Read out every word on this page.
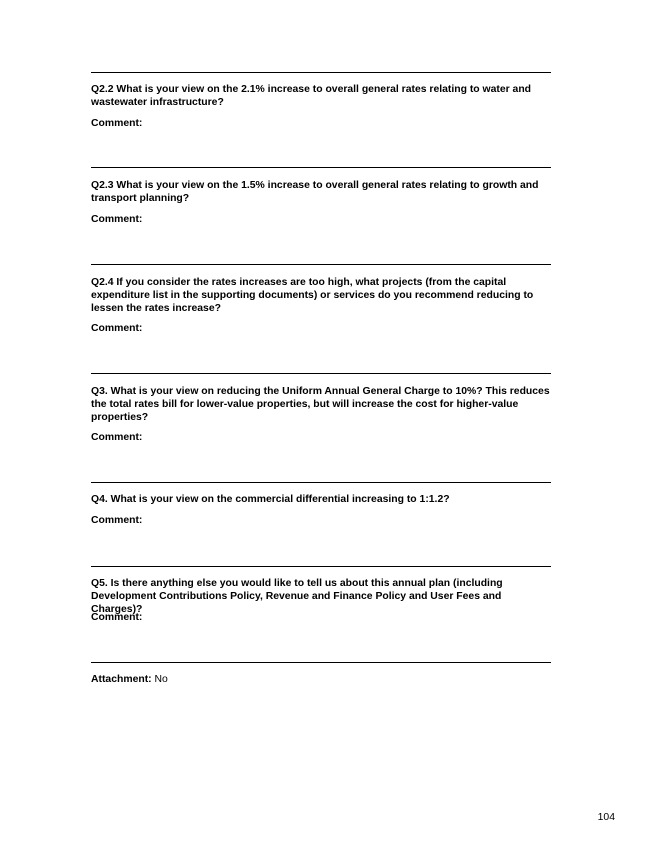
Q2.2 What is your view on the 2.1% increase to overall general rates relating to water and wastewater infrastructure?

Comment:

Q2.3 What is your view on the 1.5% increase to overall general rates relating to growth and transport planning?

Comment:

Q2.4 If you consider the rates increases are too high, what projects (from the capital expenditure list in the supporting documents) or services do you recommend reducing to lessen the rates increase?

Comment:

Q3. What is your view on reducing the Uniform Annual General Charge to 10%? This reduces the total rates bill for lower-value properties, but will increase the cost for higher-value properties?

Comment:

Q4. What is your view on the commercial differential increasing to 1:1.2?

Comment:

Q5. Is there anything else you would like to tell us about this annual plan (including Development Contributions Policy, Revenue and Finance Policy and User Fees and Charges)?

Comment:

Attachment: No

104
